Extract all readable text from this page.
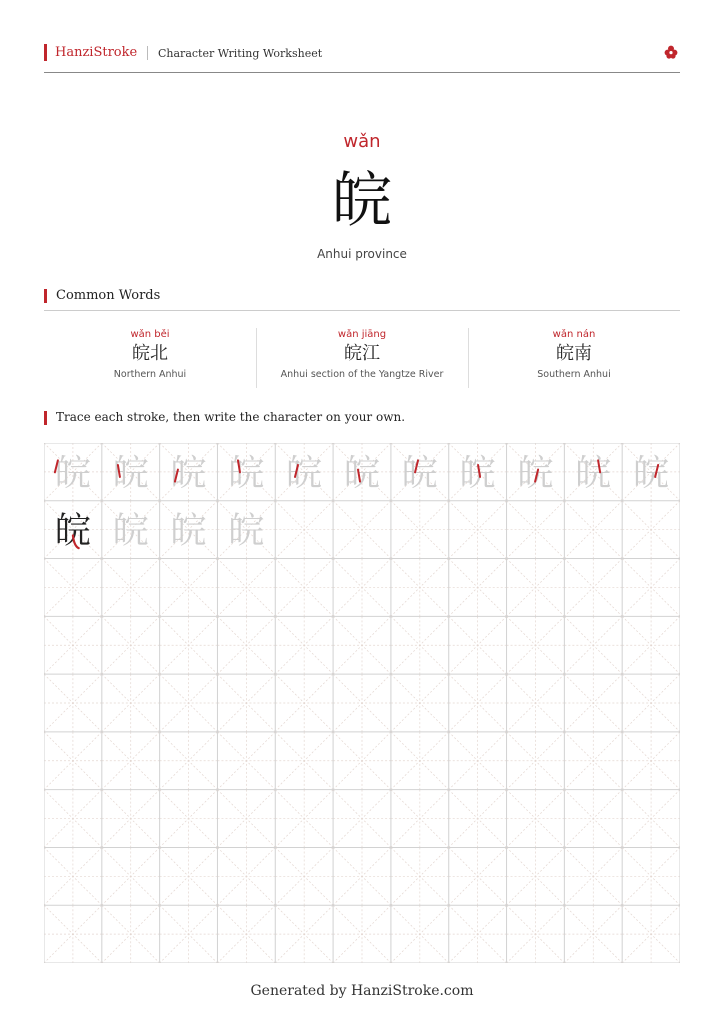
HanziStroke Character Writing Worksheet
wǎn
皖
Anhui province
Common Words
wǎn běi
皖北
Northern Anhui
wǎn jiāng
皖江
Anhui section of the Yangtze River
wǎn nán
皖南
Southern Anhui
Trace each stroke, then write the character on your own.
皖 皖 皖 皖 皖 皖 皖 皖 皖 皖 皖
皖 皖 皖 皖
Generated by HanziStroke.com
